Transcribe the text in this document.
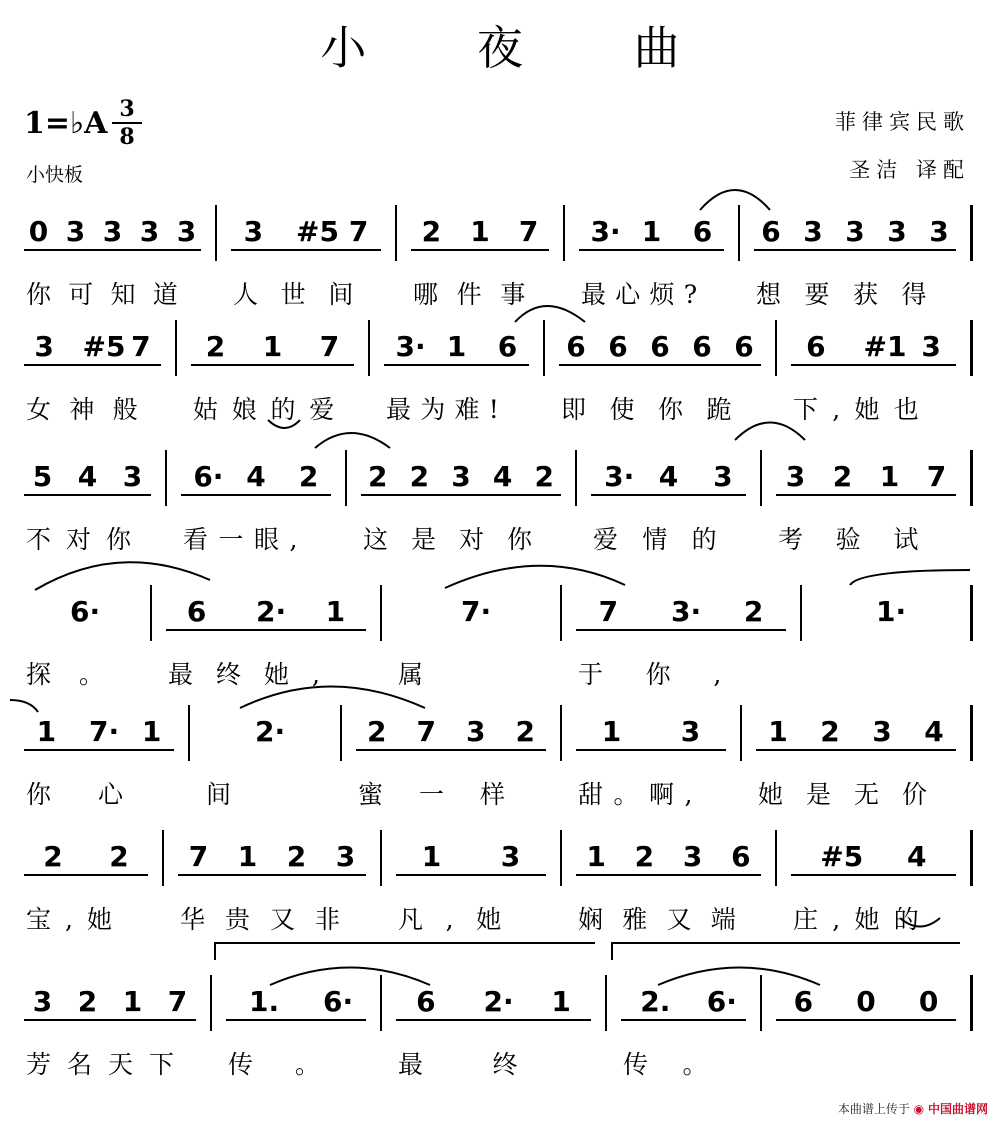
小 夜 曲
1=♭A 3
8
小快板
菲律宾民歌
圣洁 译配
0 3 3 3 3 3 #5 7 2 1 7 3· 1 6 6 3 3 3 3
你可知道 人世间 哪件事 最心烦?	想要获得
3 #5 7 2 1 7 3· 1 6 6 6 6 6 6 6 #1 3
女神般 姑娘的爱 最为难!	即使你跪 下,她也
5 4 3 6· 4 2 2 2 3 4 2 3· 4 3 3 2 1 7
不对你 看一眼,	这是对你 爱情的 考验试
6·	6 2· 1	7·	7 3· 2	1·
探。 最终她,	属 于你,
1 7· 1	2·	2 7 3 2 1 3 1 2 3 4
你心 间 蜜一样 甜。啊,	她是无价
2 2 7 1 2 3 1 3 1 2 3 6 #5 4
宝,她	华贵又非 凡,她	娴雅又端 庄,她的
3 2 1 7 1. 6· 6 2· 1 2. 6· 6 0 0
芳名天下 传。 最终 传。
本曲谱上传于 ◉ 中国曲谱网
